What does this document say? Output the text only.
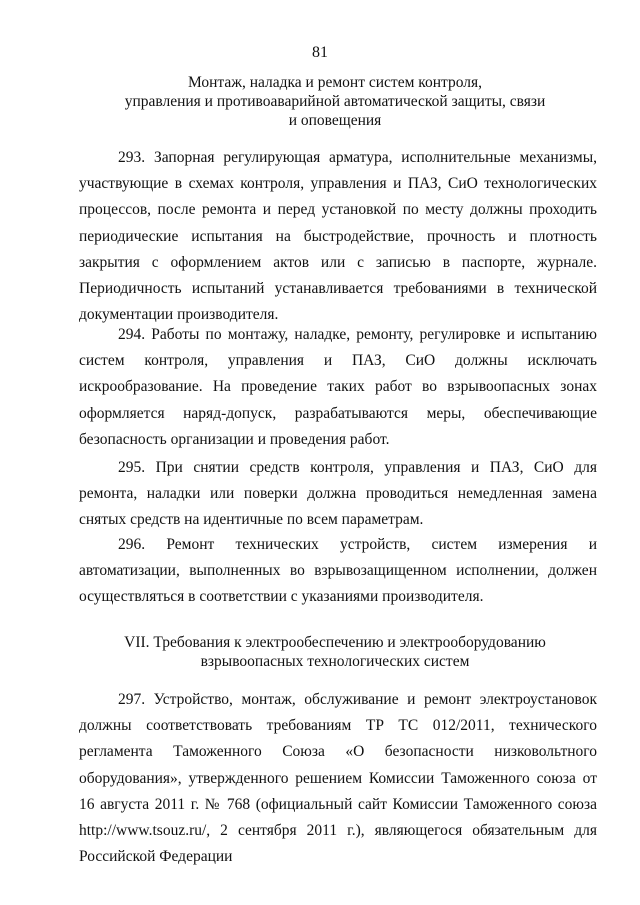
81
Монтаж, наладка и ремонт систем контроля,
управления и противоаварийной автоматической защиты, связи
и оповещения

293. Запорная регулирующая арматура, исполнительные механизмы, участвующие в схемах контроля, управления и ПАЗ, СиО технологических процессов, после ремонта и перед установкой по месту должны проходить периодические испытания на быстродействие, прочность и плотность закрытия с оформлением актов или с записью в паспорте, журнале. Периодичность испытаний устанавливается требованиями в технической документации производителя.

294. Работы по монтажу, наладке, ремонту, регулировке и испытанию систем контроля, управления и ПАЗ, СиО должны исключать искрообразование. На проведение таких работ во взрывоопасных зонах оформляется наряд-допуск, разрабатываются меры, обеспечивающие безопасность организации и проведения работ.

295. При снятии средств контроля, управления и ПАЗ, СиО для ремонта, наладки или поверки должна проводиться немедленная замена снятых средств на идентичные по всем параметрам.

296. Ремонт технических устройств, систем измерения и автоматизации, выполненных во взрывозащищенном исполнении, должен осуществляться в соответствии с указаниями производителя.

VII. Требования к электрообеспечению и электрооборудованию
взрывоопасных технологических систем

297. Устройство, монтаж, обслуживание и ремонт электроустановок должны соответствовать требованиям ТР ТС 012/2011, технического регламента Таможенного Союза «О безопасности низковольтного оборудования», утвержденного решением Комиссии Таможенного союза от 16 августа 2011 г. № 768 (официальный сайт Комиссии Таможенного союза http://www.tsouz.ru/, 2 сентября 2011 г.), являющегося обязательным для Российской Федерации
